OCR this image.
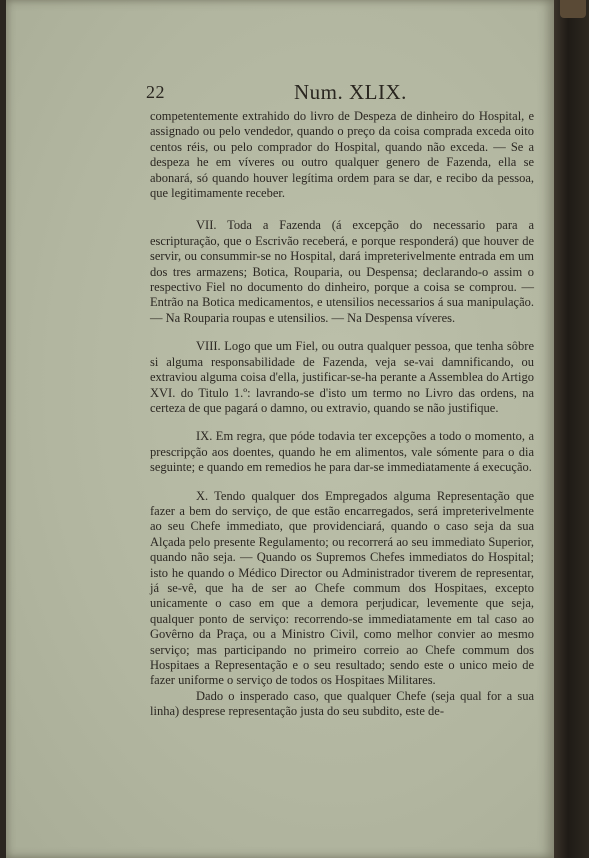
22	Num. XLIX.

competentemente extrahido do livro de Despeza de dinheiro do Hospital, e assignado ou pelo vendedor, quando o preço da coisa comprada exceda oito centos réis, ou pelo comprador do Hospital, quando não exceda. — Se a despeza he em víveres ou outro qualquer genero de Fazenda, ella se abonará, só quando houver legítima ordem para se dar, e recibo da pessoa, que legitimamente receber.

VII. Toda a Fazenda (á excepção do necessario para a escripturação, que o Escrivão receberá, e porque responderá) que houver de servir, ou consummir-se no Hospital, dará impreterivelmente entrada em um dos tres armazens; Botica, Rouparia, ou Despensa; declarando-o assim o respectivo Fiel no documento do dinheiro, porque a coisa se comprou. — Entrão na Botica medicamentos, e utensilios necessarios á sua manipulação. — Na Rouparia roupas e utensilios. — Na Despensa víveres.

VIII. Logo que um Fiel, ou outra qualquer pessoa, que tenha sôbre si alguma responsabilidade de Fazenda, veja se-vai damnificando, ou extraviou alguma coisa d'ella, justificar-se-ha perante a Assemblea do Artigo XVI. do Titulo 1.º: lavrando-se d'isto um termo no Livro das ordens, na certeza de que pagará o damno, ou extravio, quando se não justifique.

IX. Em regra, que póde todavia ter excepções a todo o momento, a prescripção aos doentes, quando he em alimentos, vale sómente para o dia seguinte; e quando em remedios he para dar-se immediatamente á execução.

X. Tendo qualquer dos Empregados alguma Representação que fazer a bem do serviço, de que estão encarregados, será impreterivelmente ao seu Chefe immediato, que providenciará, quando o caso seja da sua Alçada pelo presente Regulamento; ou recorrerá ao seu immediato Superior, quando não seja. — Quando os Supremos Chefes immediatos do Hospital; isto he quando o Médico Director ou Administrador tiverem de representar, já se-vê, que ha de ser ao Chefe commum dos Hospitaes, excepto unicamente o caso em que a demora perjudicar, levemente que seja, qualquer ponto de serviço: recorrendo-se immediatamente em tal caso ao Govêrno da Praça, ou a Ministro Civil, como melhor convier ao mesmo serviço; mas participando no primeiro correio ao Chefe commum dos Hospitaes a Representação e o seu resultado; sendo este o unico meio de fazer uniforme o serviço de todos os Hospitaes Militares.

Dado o insperado caso, que qualquer Chefe (seja qual for a sua linha) desprese representação justa do seu subdito, este de-
